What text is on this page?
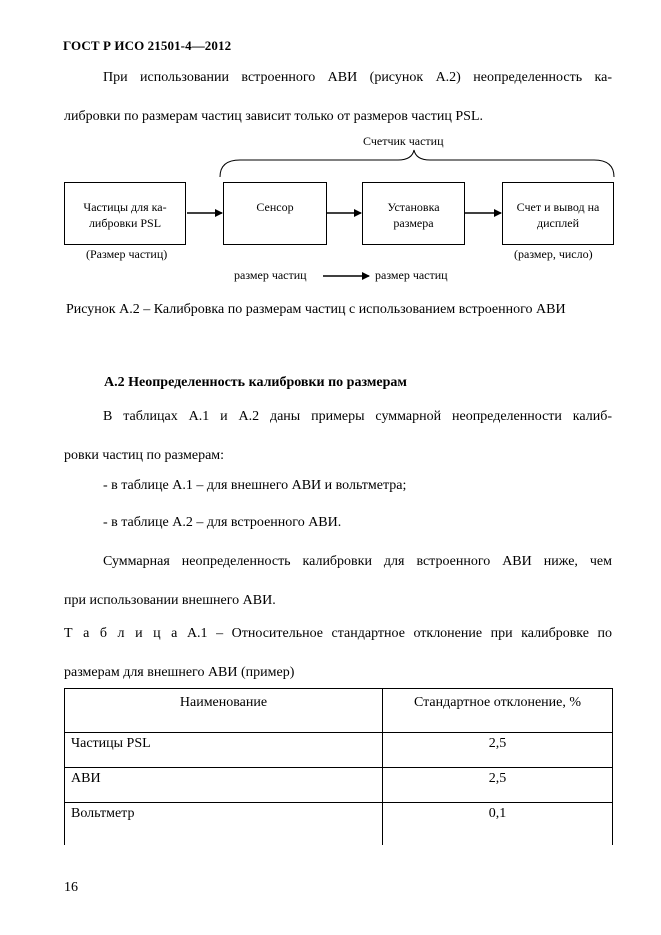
ГОСТ Р ИСО 21501-4—2012
При использовании встроенного АВИ (рисунок А.2) неопределенность ка-
либровки по размерам частиц зависит только от размеров частиц PSL.
Счетчик частиц
Частицы для ка-
либровки PSL
Сенсор	Установка
размера
Счет и вывод на
дисплей
(Размер частиц)	(размер, число)
размер частиц	размер частиц
Рисунок А.2 – Калибровка по размерам частиц с использованием встроенного АВИ
А.2 Неопределенность калибровки по размерам
В таблицах А.1 и А.2 даны примеры суммарной неопределенности калиб-
ровки частиц по размерам:
- в таблице А.1 – для внешнего АВИ и вольтметра;
- в таблице А.2 – для встроенного АВИ.
Суммарная неопределенность калибровки для встроенного АВИ ниже, чем
при использовании внешнего АВИ.
Т а б л и ц а А.1 – Относительное стандартное отклонение при калибровке по
размерам для внешнего АВИ (пример)
Наименование	Стандартное отклонение, %
Частицы PSL	2,5
АВИ	2,5
Вольтметр	0,1
16
